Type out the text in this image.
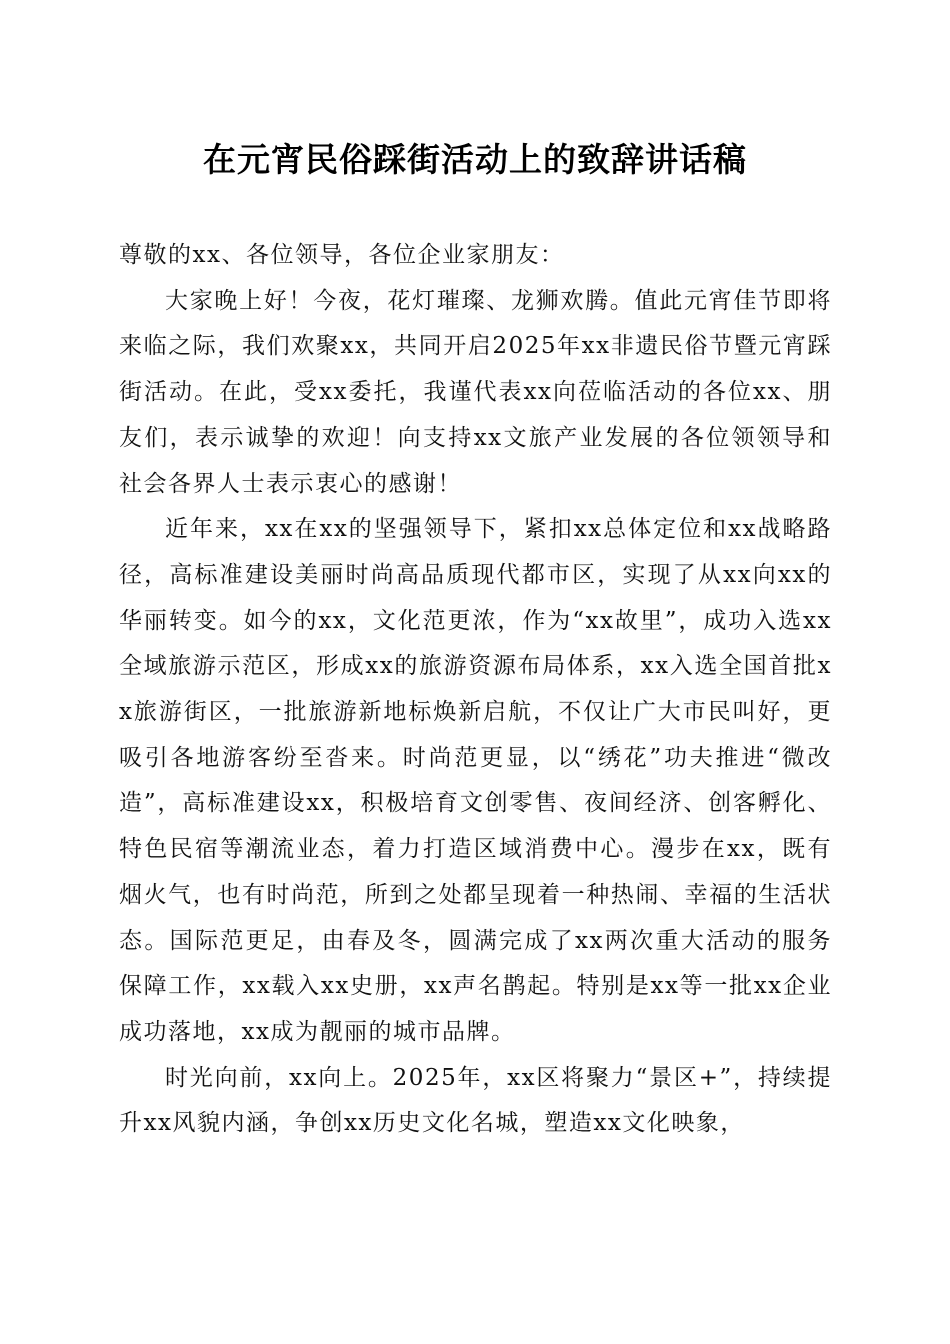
在元宵民俗踩街活动上的致辞讲话稿

尊敬的xx、各位领导，各位企业家朋友：

大家晚上好！今夜，花灯璀璨、龙狮欢腾。值此元宵佳节即将来临之际，我们欢聚xx，共同开启2025年xx非遗民俗节暨元宵踩街活动。在此，受xx委托，我谨代表xx向莅临活动的各位xx、朋友们，表示诚挚的欢迎！向支持xx文旅产业发展的各位领领导和社会各界人士表示衷心的感谢！

近年来，xx在xx的坚强领导下，紧扣xx总体定位和xx战略路径，高标准建设美丽时尚高品质现代都市区，实现了从xx向xx的华丽转变。如今的xx，文化范更浓，作为“xx故里”，成功入选xx全域旅游示范区，形成xx的旅游资源布局体系，xx入选全国首批xx旅游街区，一批旅游新地标焕新启航，不仅让广大市民叫好，更吸引各地游客纷至沓来。时尚范更显，以“绣花”功夫推进“微改造”，高标准建设xx，积极培育文创零售、夜间经济、创客孵化、特色民宿等潮流业态，着力打造区域消费中心。漫步在xx，既有烟火气，也有时尚范，所到之处都呈现着一种热闹、幸福的生活状态。国际范更足，由春及冬，圆满完成了xx两次重大活动的服务保障工作，xx载入xx史册，xx声名鹊起。特别是xx等一批xx企业成功落地，xx成为靓丽的城市品牌。

时光向前，xx向上。2025年，xx区将聚力“景区+”，持续提升xx风貌内涵，争创xx历史文化名城，塑造xx文化映象，
